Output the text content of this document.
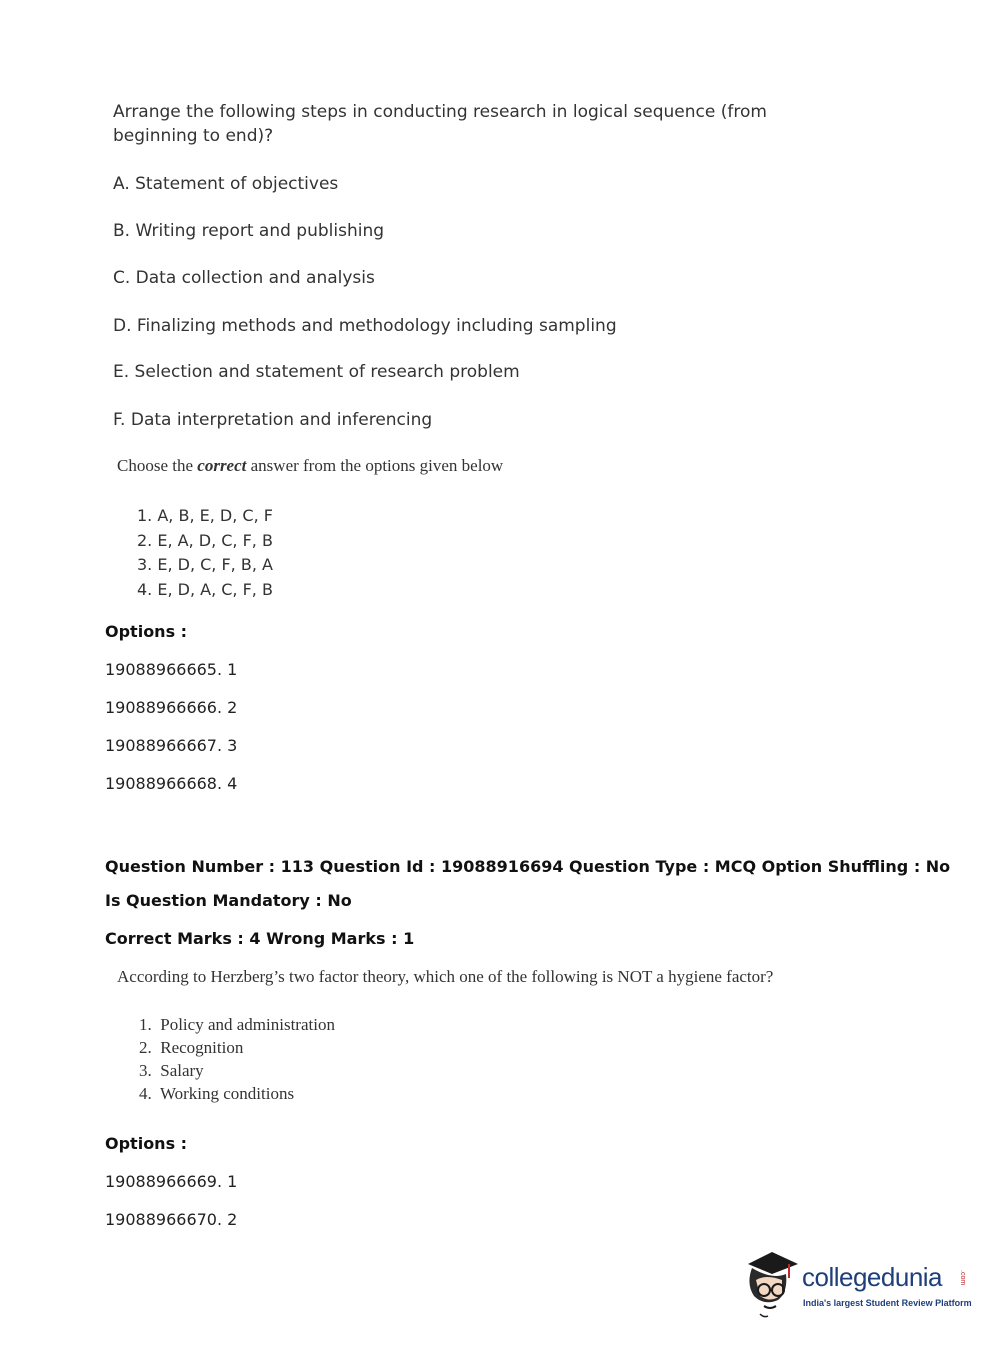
Arrange the following steps in conducting research in logical sequence (from

beginning to end)?

A. Statement of objectives

B. Writing report and publishing

C. Data collection and analysis

D. Finalizing methods and methodology including sampling

E. Selection and statement of research problem

F. Data interpretation and inferencing

Choose the correct answer from the options given below

1. A, B, E, D, C, F
2. E, A, D, C, F, B
3. E, D, C, F, B, A
4. E, D, A, C, F, B

Options :

19088966665. 1

19088966666. 2

19088966667. 3

19088966668. 4

Question Number : 113 Question Id : 19088916694 Question Type : MCQ Option Shuffling : No

Is Question Mandatory : No

Correct Marks : 4 Wrong Marks : 1

According to Herzberg’s two factor theory, which one of the following is NOT a hygiene factor?

1.  Policy and administration
2.  Recognition
3.  Salary
4.  Working conditions

Options :

19088966669. 1

19088966670. 2

collegedunia .com

India's largest Student Review Platform
